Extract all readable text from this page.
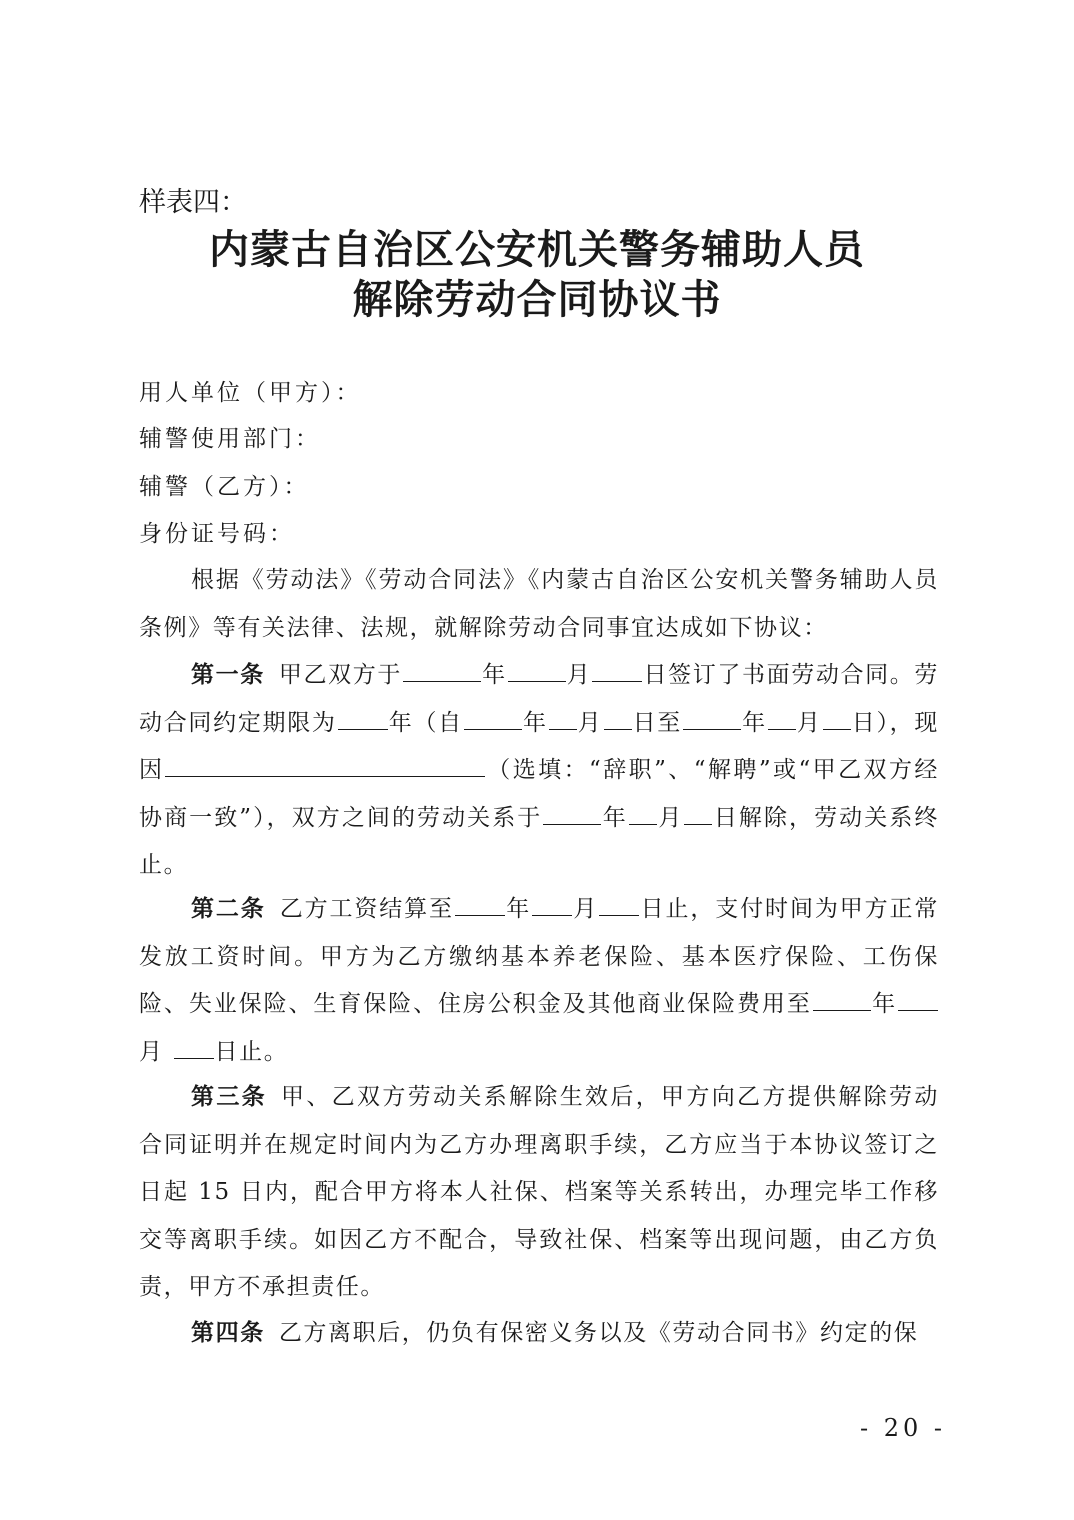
样表四：
内蒙古自治区公安机关警务辅助人员
解除劳动合同协议书
用人单位（甲方）：
辅警使用部门：
辅警（乙方）：
身份证号码：
根据《劳动法》《劳动合同法》《内蒙古自治区公安机关警务辅助人员条例》等有关法律、法规，就解除劳动合同事宜达成如下协议：
第一条 甲乙双方于	年	月 日签订了书面劳动合同。劳动合同约定期限为 年（自	年 月 日至	年 月 日），现因	（选填：“辞职”、“解聘”或“甲乙双方经协商一致”），双方之间的劳动关系于	年 月 日解除，劳动关系终止。
第二条 乙方工资结算至 年 月 日止，支付时间为甲方正常发放工资时间。甲方为乙方缴纳基本养老保险、基本医疗保险、工伤保险、失业保险、生育保险、住房公积金及其他商业保险费用至	年月 日止。
第三条 甲、乙双方劳动关系解除生效后，甲方向乙方提供解除劳动合同证明并在规定时间内为乙方办理离职手续，乙方应当于本协议签订之日起 15 日内，配合甲方将本人社保、档案等关系转出，办理完毕工作移交等离职手续。如因乙方不配合，导致社保、档案等出现问题，由乙方负责，甲方不承担责任。
第四条 乙方离职后，仍负有保密义务以及《劳动合同书》约定的保
- 20 -
